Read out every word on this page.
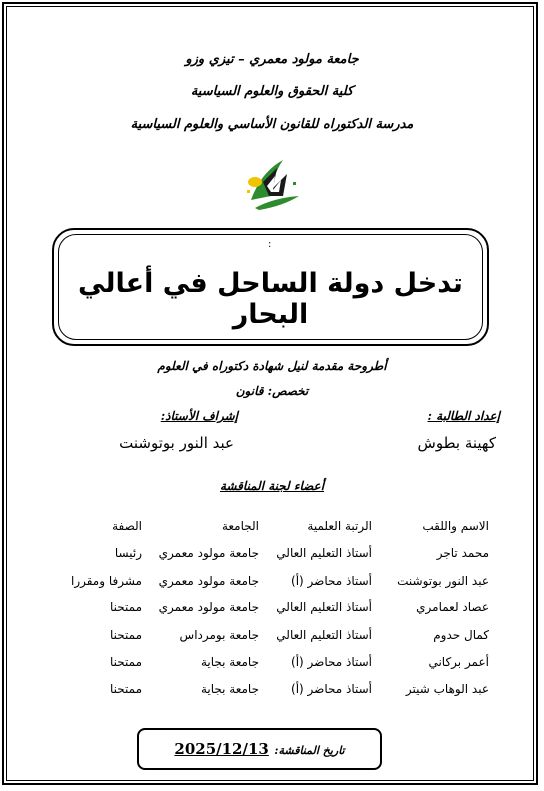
جامعة مولود معمري – تيزي وزو
كلية الحقوق والعلوم السياسية
مدرسة الدكتوراه للقانون الأساسي والعلوم السياسية
:
تدخل دولة الساحل في أعالي البحار
أطروحة مقدمة لنيل شهادة دكتوراه في العلوم
تخصص: قانون
إعداد الطالبة :
إشراف الأستاذ:
كهينة بطوش
عبد النور بوتوشنت
أعضاء لجنة المناقشة
الاسم واللقب
الرتبة العلمية
الجامعة
الصفة
محمد تاجر
أستاذ التعليم العالي
جامعة مولود معمري
رئيسا
عبد النور بوتوشنت
أستاذ محاضر (أ)
جامعة مولود معمري
مشرفا ومقررا
عصاد لعمامري
أستاذ التعليم العالي
جامعة مولود معمري
ممتحنا
كمال حدوم
أستاذ التعليم العالي
جامعة بومرداس
ممتحنا
أعمر بركاني
أستاذ محاضر (أ)
جامعة بجاية
ممتحنا
عبد الوهاب شيتر
أستاذ محاضر (أ)
جامعة بجاية
ممتحنا
تاريخ المناقشة: 2025/12/13
